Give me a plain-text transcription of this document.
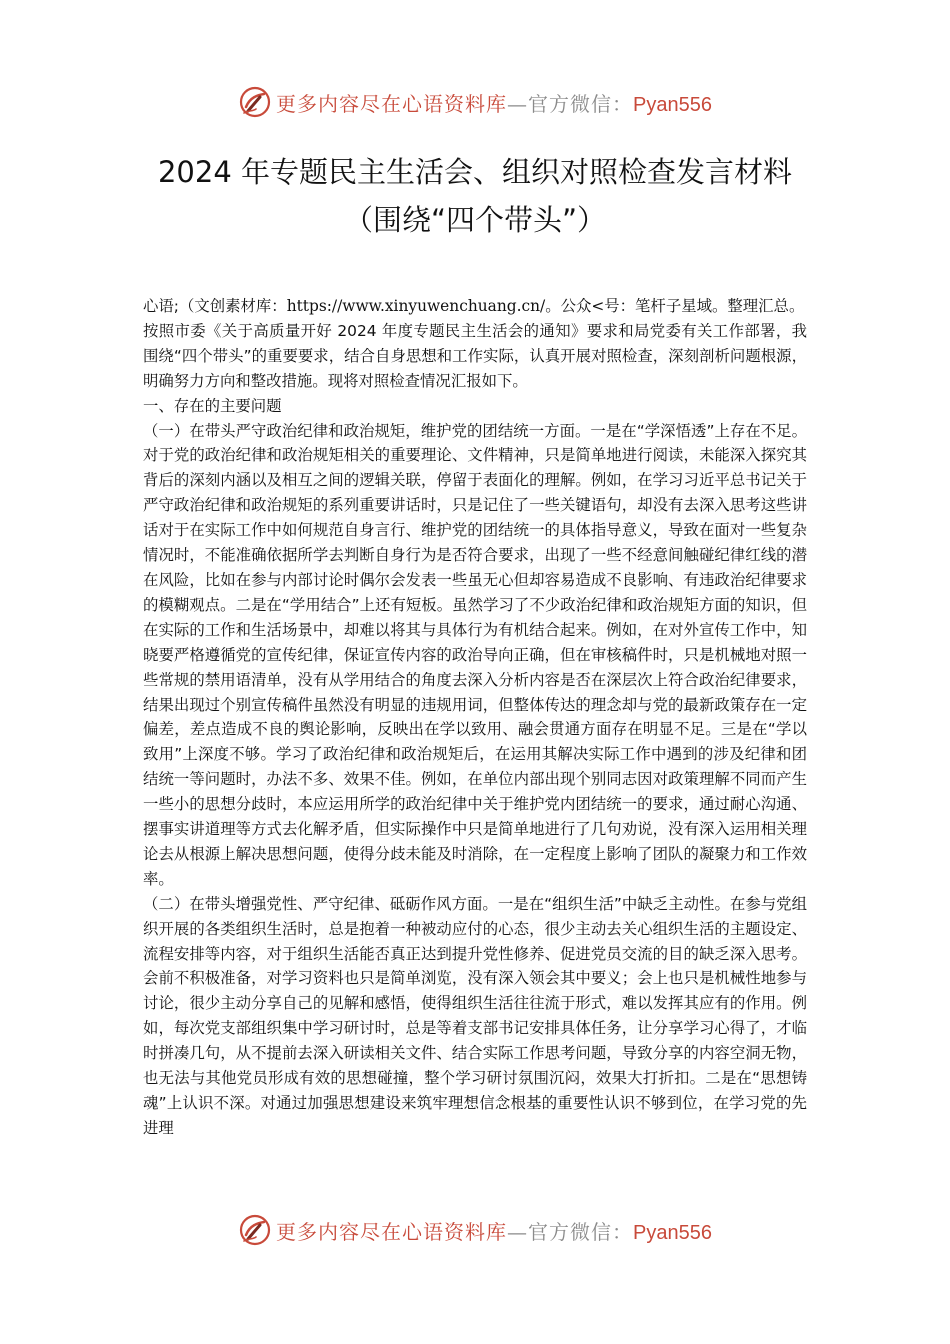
更多内容尽在心语资料库—官方微信：Pyan556
2024 年专题民主生活会、组织对照检查发言材料
（围绕“四个带头”）

心语;（文创素材库：https://www.xinyuwenchuang.cn/。公众<号：笔杆子星域。整理汇总。

按照市委《关于高质量开好 2024 年度专题民主生活会的通知》要求和局党委有关工作部署，我围绕“四个带头”的重要要求，结合自身思想和工作实际，认真开展对照检查，深刻剖析问题根源，明确努力方向和整改措施。现将对照检查情况汇报如下。

一、存在的主要问题

（一）在带头严守政治纪律和政治规矩，维护党的团结统一方面。一是在“学深悟透”上存在不足。对于党的政治纪律和政治规矩相关的重要理论、文件精神，只是简单地进行阅读，未能深入探究其背后的深刻内涵以及相互之间的逻辑关联，停留于表面化的理解。例如，在学习习近平总书记关于严守政治纪律和政治规矩的系列重要讲话时，只是记住了一些关键语句，却没有去深入思考这些讲话对于在实际工作中如何规范自身言行、维护党的团结统一的具体指导意义，导致在面对一些复杂情况时，不能准确依据所学去判断自身行为是否符合要求，出现了一些不经意间触碰纪律红线的潜在风险，比如在参与内部讨论时偶尔会发表一些虽无心但却容易造成不良影响、有违政治纪律要求的模糊观点。二是在“学用结合”上还有短板。虽然学习了不少政治纪律和政治规矩方面的知识，但在实际的工作和生活场景中，却难以将其与具体行为有机结合起来。例如，在对外宣传工作中，知晓要严格遵循党的宣传纪律，保证宣传内容的政治导向正确，但在审核稿件时，只是机械地对照一些常规的禁用语清单，没有从学用结合的角度去深入分析内容是否在深层次上符合政治纪律要求，结果出现过个别宣传稿件虽然没有明显的违规用词，但整体传达的理念却与党的最新政策存在一定偏差，差点造成不良的舆论影响，反映出在学以致用、融会贯通方面存在明显不足。三是在“学以致用”上深度不够。学习了政治纪律和政治规矩后，在运用其解决实际工作中遇到的涉及纪律和团结统一等问题时，办法不多、效果不佳。例如，在单位内部出现个别同志因对政策理解不同而产生一些小的思想分歧时，本应运用所学的政治纪律中关于维护党内团结统一的要求，通过耐心沟通、摆事实讲道理等方式去化解矛盾，但实际操作中只是简单地进行了几句劝说，没有深入运用相关理论去从根源上解决思想问题，使得分歧未能及时消除，在一定程度上影响了团队的凝聚力和工作效率。

（二）在带头增强党性、严守纪律、砥砺作风方面。一是在“组织生活”中缺乏主动性。在参与党组织开展的各类组织生活时，总是抱着一种被动应付的心态，很少主动去关心组织生活的主题设定、流程安排等内容，对于组织生活能否真正达到提升党性修养、促进党员交流的目的缺乏深入思考。会前不积极准备，对学习资料也只是简单浏览，没有深入领会其中要义；会上也只是机械性地参与讨论，很少主动分享自己的见解和感悟，使得组织生活往往流于形式，难以发挥其应有的作用。例如，每次党支部组织集中学习研讨时，总是等着支部书记安排具体任务，让分享学习心得了，才临时拼凑几句，从不提前去深入研读相关文件、结合实际工作思考问题，导致分享的内容空洞无物，也无法与其他党员形成有效的思想碰撞，整个学习研讨氛围沉闷，效果大打折扣。二是在“思想铸魂”上认识不深。对通过加强思想建设来筑牢理想信念根基的重要性认识不够到位，在学习党的先进理

更多内容尽在心语资料库—官方微信：Pyan556
